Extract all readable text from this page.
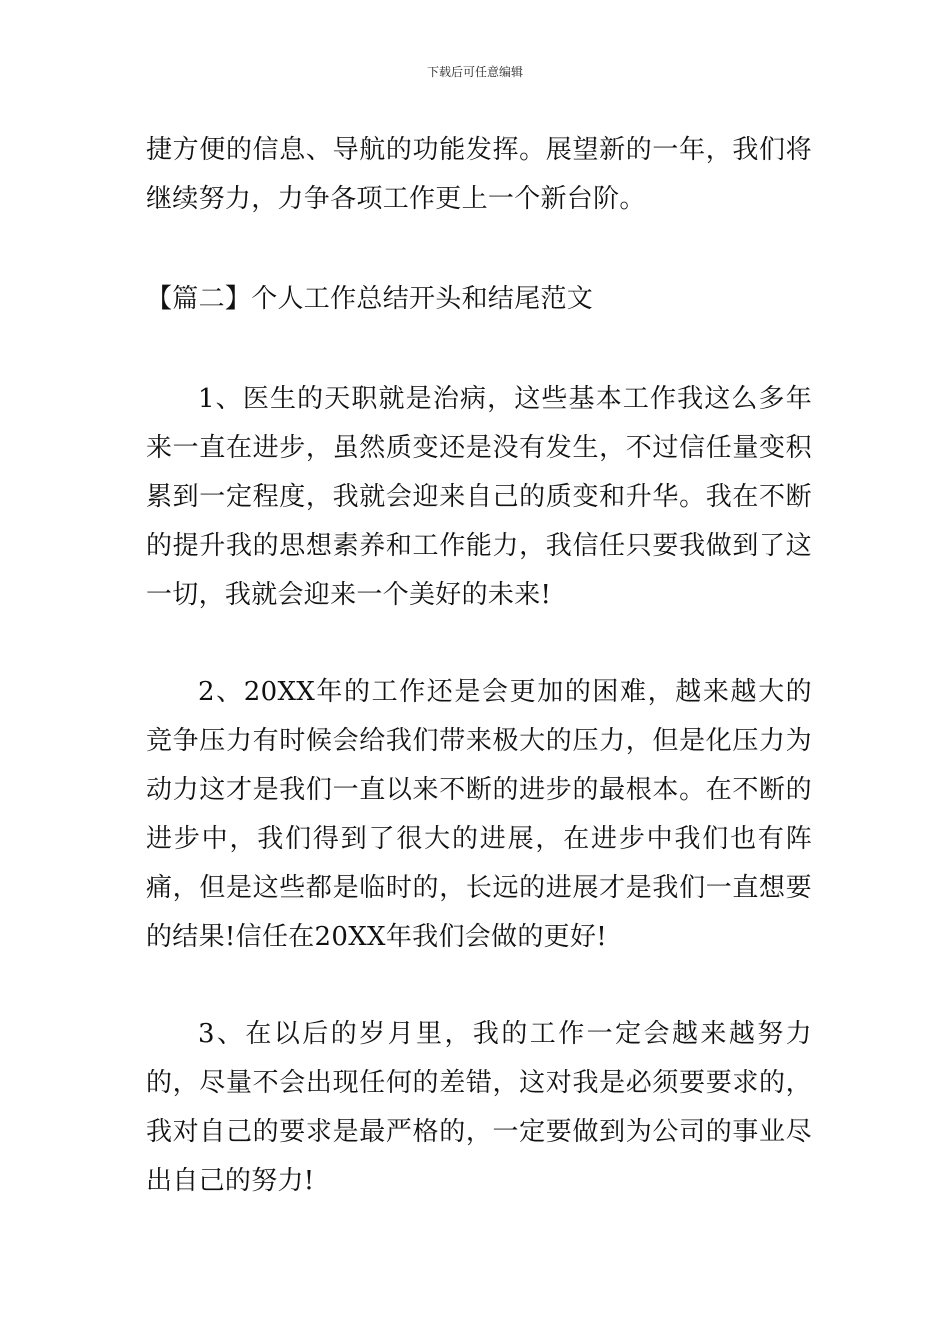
下载后可任意编辑

捷方便的信息、导航的功能发挥。展望新的一年，我们将继续努力，力争各项工作更上一个新台阶。

【篇二】个人工作总结开头和结尾范文

1、医生的天职就是治病，这些基本工作我这么多年来一直在进步，虽然质变还是没有发生，不过信任量变积累到一定程度，我就会迎来自己的质变和升华。我在不断的提升我的思想素养和工作能力，我信任只要我做到了这一切，我就会迎来一个美好的未来!

2、20XX年的工作还是会更加的困难，越来越大的竞争压力有时候会给我们带来极大的压力，但是化压力为动力这才是我们一直以来不断的进步的最根本。在不断的进步中，我们得到了很大的进展，在进步中我们也有阵痛，但是这些都是临时的，长远的进展才是我们一直想要的结果!信任在20XX年我们会做的更好!

3、在以后的岁月里，我的工作一定会越来越努力的，尽量不会出现任何的差错，这对我是必须要要求的，我对自己的要求是最严格的，一定要做到为公司的事业尽出自己的努力!
